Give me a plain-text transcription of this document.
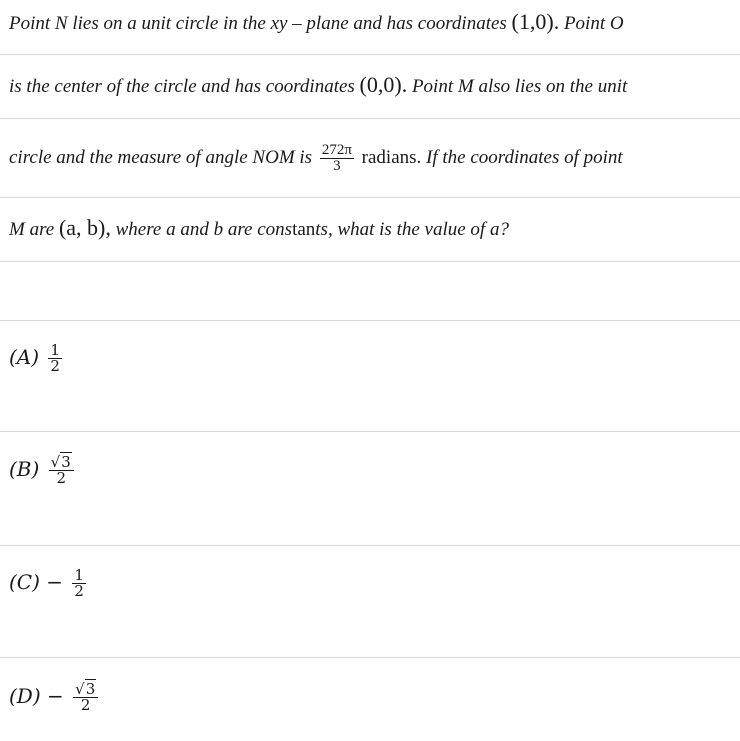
Point N lies on a unit circle in the xy – plane and has coordinates (1,0). Point O
is the center of the circle and has coordinates (0,0). Point M also lies on the unit
circle and the measure of angle NOM is $\frac{272\pi}{3}$ radians. If the coordinates of point
M are (a, b), where a and b are constants, what is the value of a?
$(A) \frac{1}{2}$
$(B) \frac{√3}{2}$
$(C) - \frac{1}{2}$
$(D) - \frac{√3}{2}$
